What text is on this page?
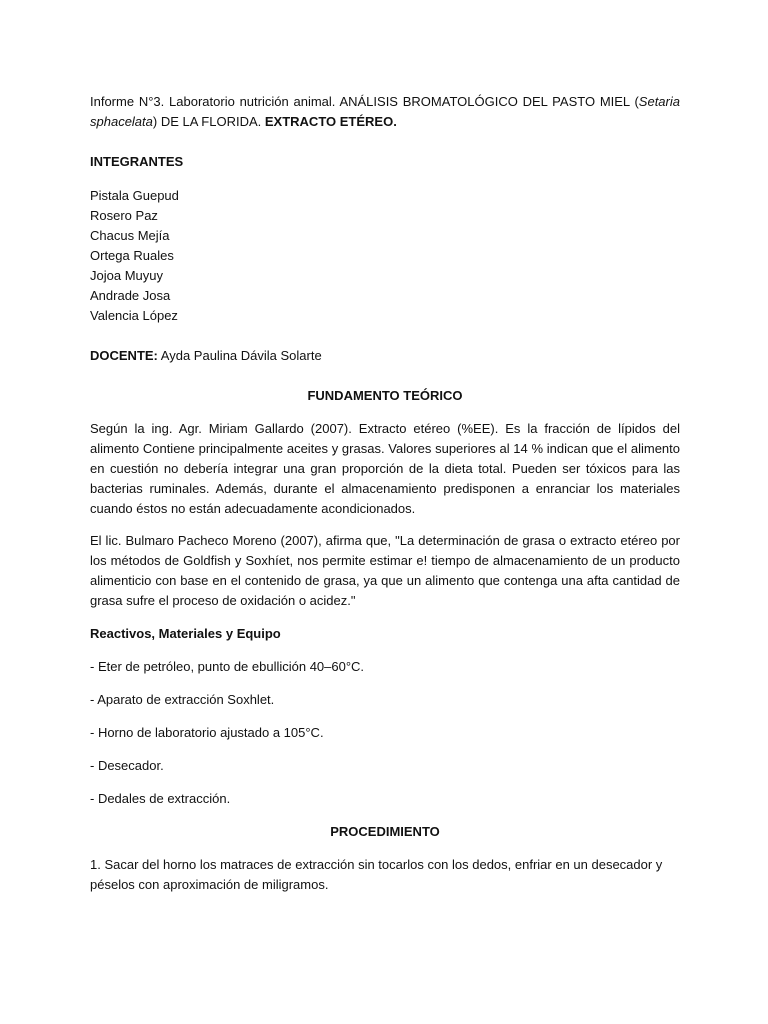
Informe N°3. Laboratorio nutrición animal. ANÁLISIS BROMATOLÓGICO DEL PASTO MIEL (Setaria sphacelata) DE LA FLORIDA. EXTRACTO ETÉREO.

INTEGRANTES

Pistala Guepud
Rosero Paz
Chacus Mejía
Ortega Ruales
Jojoa Muyuy
Andrade Josa
Valencia López

DOCENTE: Ayda Paulina Dávila Solarte

FUNDAMENTO TEÓRICO

Según la ing. Agr. Miriam Gallardo (2007). Extracto etéreo (%EE). Es la fracción de lípidos del alimento Contiene principalmente aceites y grasas. Valores superiores al 14 % indican que el alimento en cuestión no debería integrar una gran proporción de la dieta total. Pueden ser tóxicos para las bacterias ruminales. Además, durante el almacenamiento predisponen a enranciar los materiales cuando éstos no están adecuadamente acondicionados.

El lic. Bulmaro Pacheco Moreno (2007), afirma que, "La determinación de grasa o extracto etéreo por los métodos de Goldfish y Soxhíet, nos permite estimar e! tiempo de almacenamiento de un producto alimenticio con base en el contenido de grasa, ya que un alimento que contenga una afta cantidad de grasa sufre el proceso de oxidación o acidez."

Reactivos, Materiales y Equipo

- Eter de petróleo, punto de ebullición 40–60°C.

- Aparato de extracción Soxhlet.

- Horno de laboratorio ajustado a 105°C.

- Desecador.

- Dedales de extracción.

PROCEDIMIENTO

1. Sacar del horno los matraces de extracción sin tocarlos con los dedos, enfriar en un desecador y péselos con aproximación de miligramos.
